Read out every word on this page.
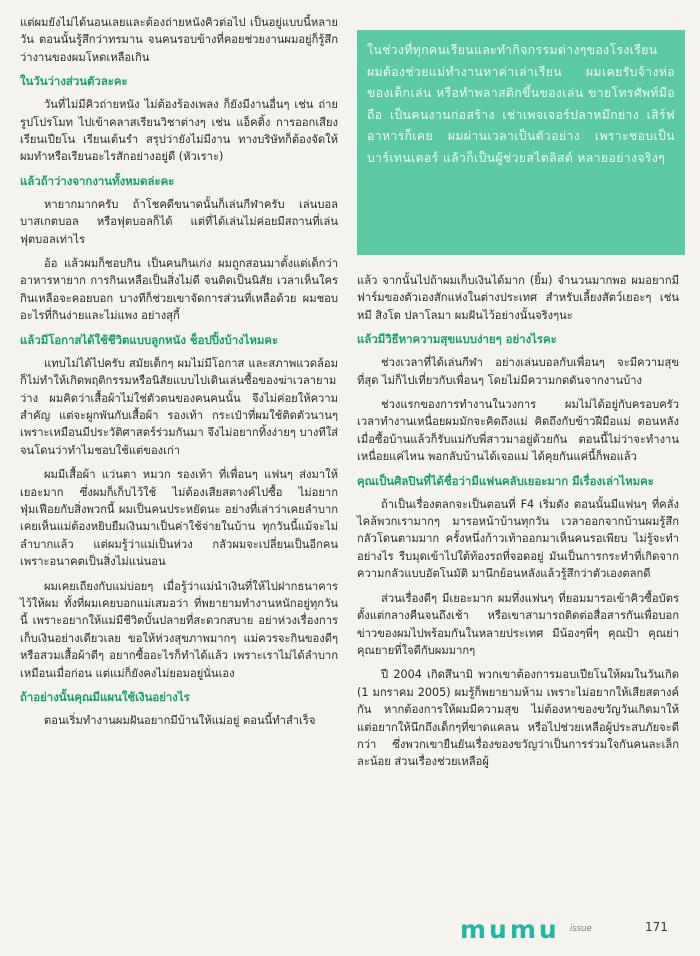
แต่ผมยังไม่ได้นอนเลยและต้องถ่ายหนังคิวต่อไป เป็นอยู่แบบนี้หลายวัน ตอนนั้นรู้สึกว่าทรมาน จนคนรอบข้างที่คอยช่วยงานผมอยู่ก็รู้สึกว่างานของผมโหดเหลือเกิน

ในวันว่างส่วนตัวละคะ

วันที่ไม่มีคิวถ่ายหนัง ไม่ต้องร้องเพลง ก็ยังมีงานอื่นๆ เช่น ถ่ายรูปโปรโมท ไปเข้าคลาสเรียนวิชาต่างๆ เช่น แอ็คติ้ง การออกเสียง เรียนเปียโน เรียนเต้นรำ สรุปว่ายังไม่มีงาน ทางบริษัทก็ต้องจัดให้ผมทำหรือเรียนอะไรสักอย่างอยู่ดี (หัวเราะ)

แล้วถ้าว่างจากงานทั้งหมดล่ะคะ

หายากมากครับ ถ้าโชคดีขนาดนั้นก็เล่นกีฬาครับ เล่นบอลบาสเกตบอล หรือฟุตบอลก็ได้ แต่ที่ได้เล่นไม่ค่อยมีสถานที่เล่นฟุตบอลเท่าไร

อ้อ แล้วผมก็ชอบกิน เป็นคนกินเก่ง ผมถูกสอนมาตั้งแต่เด็กว่า อาหารหายาก การกินเหลือเป็นสิ่งไม่ดี จนติดเป็นนิสัย เวลาเห็นใครกินเหลือจะคอยบอก บางทีก็ช่วยเขาจัดการส่วนที่เหลือด้วย ผมชอบอะไรที่กินง่ายและไม่แพง อย่างสุกี้

แล้วมีโอกาสได้ใช้ชีวิตแบบลูกหนัง ช็อปปิ้งบ้างไหมคะ

แทบไม่ได้ไปครับ สมัยเด็กๆ ผมไม่มีโอกาส และสภาพแวดล้อมก็ไม่ทำให้เกิดพฤติกรรมหรือนิสัยแบบไปเดินเล่นซื้อของฆ่าเวลายามว่าง ผมคิดว่าเสื้อผ้าไม่ใช่ตัวตนของคนคนนั้น จึงไม่ค่อยให้ความสำคัญ แต่จะผูกพันกับเสื้อผ้า รองเท้า กระเป๋าที่ผมใช้ติดตัวนานๆ เพราะเหมือนมีประวัติศาสตร์ร่วมกันมา จึงไม่อยากทิ้งง่ายๆ บางทีใส่จนโดนว่าทำไมชอบใช้แต่ของเก่า

ผมมีเสื้อผ้า แว่นตา หมวก รองเท้า ที่เพื่อนๆ แฟนๆ ส่งมาให้เยอะมาก ซึ่งผมก็เก็บไว้ใช้ ไม่ต้องเสียสตางค์ไปซื้อ ไม่อยากฟุ่มเฟือยกับสิ่งพวกนี้ ผมเป็นคนประหยัดนะ อย่างที่เล่าว่าเคยลำบาก เคยเห็นแม่ต้องหยิบยืมเงินมาเป็นค่าใช้จ่ายในบ้าน ทุกวันนี้แม้จะไม่ลำบากแล้ว แต่ผมรู้ว่าแม่เป็นห่วง กลัวผมจะเปลี่ยนเป็นอีกคน เพราะอนาคตเป็นสิ่งไม่แน่นอน

ผมเคยเถียงกับแม่บ่อยๆ เมื่อรู้ว่าแม่นำเงินที่ให้ไปฝากธนาคารไว้ให้ผม ทั้งที่ผมเคยบอกแม่เสมอว่า ที่พยายามทำงานหนักอยู่ทุกวันนี้ เพราะอยากให้แม่มีชีวิตบั้นปลายที่สะดวกสบาย อย่าห่วงเรื่องการเก็บเงินอย่างเดียวเลย ขอให้ห่วงสุขภาพมากๆ แม่ควรจะกินของดีๆ หรือสวมเสื้อผ้าดีๆ อยากซื้ออะไรก็ทำได้แล้ว เพราะเราไม่ได้ลำบากเหมือนเมื่อก่อน แต่แม่ก็ยังคงไม่ยอมอยู่นั่นเอง

ถ้าอย่างนั้นคุณมีแผนใช้เงินอย่างไร

ตอนเริ่มทำงานผมฝันอยากมีบ้านให้แม่อยู่ ตอนนี้ทำสำเร็จ

ในช่วงที่ทุกคนเรียนและทำกิจกรรมต่างๆของโรงเรียน ผมต้องช่วยแม่ทำงานหาค่าเล่าเรียน ผมเคยรับจ้างห่อของเด็กเล่น หรือทำพลาสติกขึ้นของเล่น ขายโทรศัพท์มือถือ เป็นคนงานก่อสร้าง เช่าเพจเจอร์ปลาหมึกย่าง เสิร์ฟอาหารก็เคย ผมผ่านเวลาเป็นตัวอย่าง เพราะชอบเป็นบาร์เทนเดอร์ แล้วก็เป็นผู้ช่วยสไตลิสต์ หลายอย่างจริงๆ

แล้ว จากนั้นไปถ้าผมเก็บเงินได้มาก (ยิ้ม) จำนวนมากพอ ผมอยากมีฟาร์มของตัวเองสักแห่งในต่างประเทศ สำหรับเลี้ยงสัตว์เยอะๆ เช่น หมี สิงโต ปลาโลมา ผมฝันไว้อย่างนั้นจริงๆนะ

แล้วมีวิธีหาความสุขแบบง่ายๆ อย่างไรคะ

ช่วงเวลาที่ได้เล่นกีฬา อย่างเล่นบอลกับเพื่อนๆ จะมีความสุขที่สุด ไม่ก็ไปเที่ยวกับเพื่อนๆ โดยไม่มีความกดดันจากงานบ้าง

ช่วงแรกของการทำงานในวงการ ผมไม่ได้อยู่กับครอบครัว เวลาทำงานเหนื่อยผมมักจะคิดถึงแม่ คิดถึงกับข้าวฝีมือแม่ ตอนหลังเมื่อซื้อบ้านแล้วก็รับแม่กับพี่สาวมาอยู่ด้วยกัน ตอนนี้ไม่ว่าจะทำงานเหนื่อยแค่ไหน พอกลับบ้านได้เจอแม่ ได้คุยกันแค่นี้ก็พอแล้ว

คุณเป็นศิลปินที่ได้ชื่อว่ามีแฟนคลับเยอะมาก มีเรื่องเล่าไหมคะ

ถ้าเป็นเรื่องตลกจะเป็นตอนที่ F4 เริ่มดัง ตอนนั้นมีแฟนๆ ที่คลั่งไคล้พวกเรามากๆ มารอหน้าบ้านทุกวัน เวลาออกจากบ้านผมรู้สึกกลัวโดนตามมาก ครั้งหนึ่งก้าวเท้าออกมาเห็นคนรอเพียบ ไม่รู้จะทำอย่างไร รีบมุดเข้าไปใต้ท้องรถที่จอดอยู่ มันเป็นการกระทำที่เกิดจากความกลัวแบบอัตโนมัติ มานึกย้อนหลังแล้วรู้สึกว่าตัวเองตลกดี

ส่วนเรื่องดีๆ มีเยอะมาก ผมทึ่งแฟนๆ ที่ยอมมารอเข้าคิวซื้อบัตรตั้งแต่กลางคืนจนถึงเช้า หรือเขาสามารถติดต่อสื่อสารกันเพื่อบอกข่าวของผมไปพร้อมกันในหลายประเทศ มีน้องๆพี่ๆ คุณป้า คุณย่า คุณยายที่ใจดีกับผมมากๆ

ปี 2004 เกิดสึนามิ พวกเขาต้องการมอบเปียโนให้ผมในวันเกิด (1 มกราคม 2005) ผมรู้ก็พยายามห้าม เพราะไม่อยากให้เสียสตางค์กัน หากต้องการให้ผมมีความสุข ไม่ต้องหาของขวัญวันเกิดมาให้ แต่อยากให้นึกถึงเด็กๆที่ขาดแคลน หรือไปช่วยเหลือผู้ประสบภัยจะดีกว่า ซึ่งพวกเขายืนยันเรื่องของขวัญว่าเป็นการร่วมใจกันคนละเล็กละน้อย ส่วนเรื่องช่วยเหลือผู้

mumu issue	171
